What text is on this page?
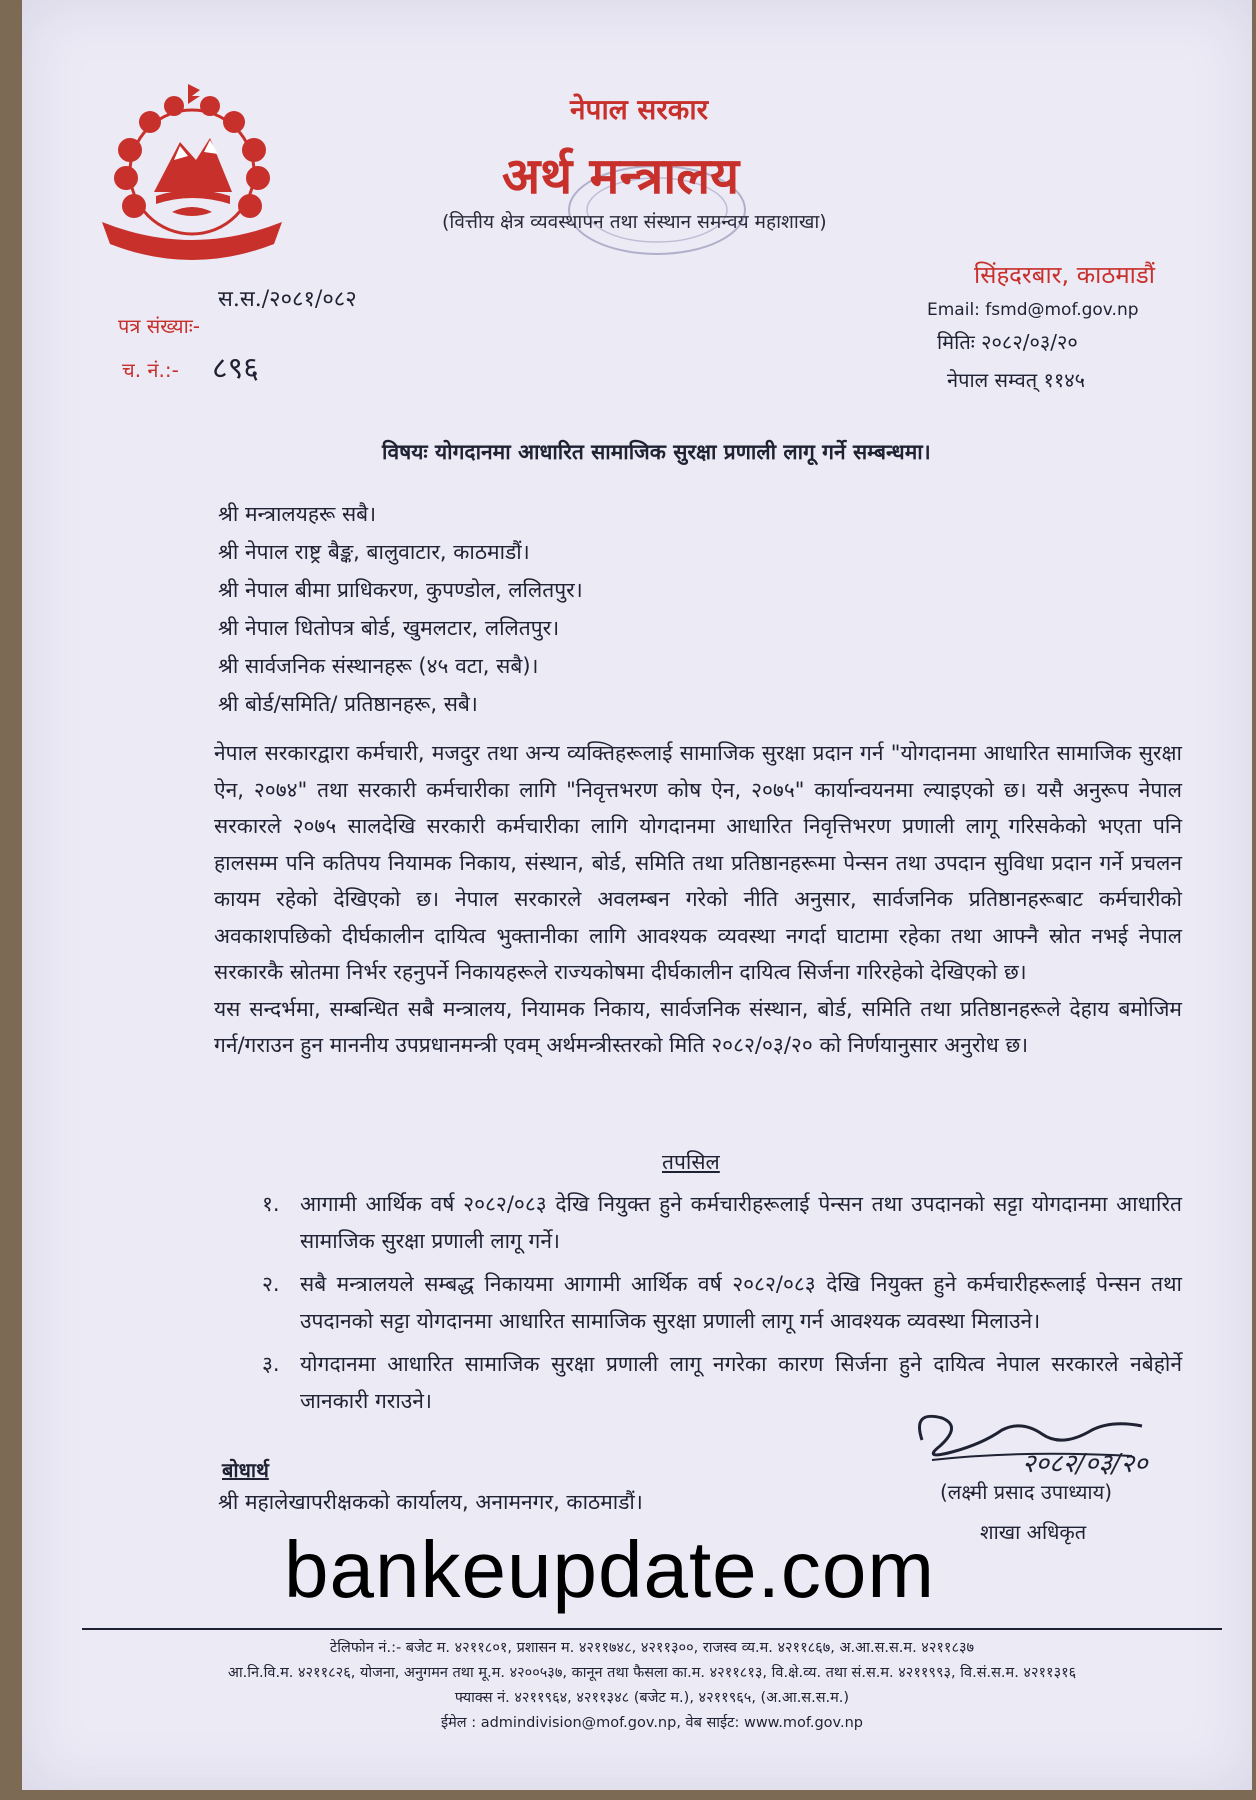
नेपाल सरकार
अर्थ मन्त्रालय
(वित्तीय क्षेत्र व्यवस्थापन तथा संस्थान समन्वय महाशाखा)
सिंहदरबार, काठमाडौं
स.स./२०८१/०८२
पत्र संख्याः-
च. नं.:- ८९६
Email: fsmd@mof.gov.np
मितिः २०८२/०३/२०
नेपाल सम्वत् ११४५
विषयः योगदानमा आधारित सामाजिक सुरक्षा प्रणाली लागू गर्ने सम्बन्धमा।
श्री मन्त्रालयहरू सबै।
श्री नेपाल राष्ट्र बैङ्क, बालुवाटार, काठमाडौं।
श्री नेपाल बीमा प्राधिकरण, कुपण्डोल, ललितपुर।
श्री नेपाल धितोपत्र बोर्ड, खुमलटार, ललितपुर।
श्री सार्वजनिक संस्थानहरू (४५ वटा, सबै)।
श्री बोर्ड/समिति/ प्रतिष्ठानहरू, सबै।

नेपाल सरकारद्वारा कर्मचारी, मजदुर तथा अन्य व्यक्तिहरूलाई सामाजिक सुरक्षा प्रदान गर्न "योगदानमा आधारित सामाजिक सुरक्षा ऐन, २०७४" तथा सरकारी कर्मचारीका लागि "निवृत्तभरण कोष ऐन, २०७५" कार्यान्वयनमा ल्याइएको छ। यसै अनुरूप नेपाल सरकारले २०७५ सालदेखि सरकारी कर्मचारीका लागि योगदानमा आधारित निवृत्तिभरण प्रणाली लागू गरिसकेको भएता पनि हालसम्म पनि कतिपय नियामक निकाय, संस्थान, बोर्ड, समिति तथा प्रतिष्ठानहरूमा पेन्सन तथा उपदान सुविधा प्रदान गर्ने प्रचलन कायम रहेको देखिएको छ। नेपाल सरकारले अवलम्बन गरेको नीति अनुसार, सार्वजनिक प्रतिष्ठानहरूबाट कर्मचारीको अवकाशपछिको दीर्घकालीन दायित्व भुक्तानीका लागि आवश्यक व्यवस्था नगर्दा घाटामा रहेका तथा आफ्नै स्रोत नभई नेपाल सरकारकै स्रोतमा निर्भर रहनुपर्ने निकायहरूले राज्यकोषमा दीर्घकालीन दायित्व सिर्जना गरिरहेको देखिएको छ।

यस सन्दर्भमा, सम्बन्धित सबै मन्त्रालय, नियामक निकाय, सार्वजनिक संस्थान, बोर्ड, समिति तथा प्रतिष्ठानहरूले देहाय बमोजिम गर्न/गराउन हुन माननीय उपप्रधानमन्त्री एवम् अर्थमन्त्रीस्तरको मिति २०८२/०३/२० को निर्णयानुसार अनुरोध छ।

तपसिल
१. आगामी आर्थिक वर्ष २०८२/०८३ देखि नियुक्त हुने कर्मचारीहरूलाई पेन्सन तथा उपदानको सट्टा योगदानमा आधारित सामाजिक सुरक्षा प्रणाली लागू गर्ने।
२. सबै मन्त्रालयले सम्बद्ध निकायमा आगामी आर्थिक वर्ष २०८२/०८३ देखि नियुक्त हुने कर्मचारीहरूलाई पेन्सन तथा उपदानको सट्टा योगदानमा आधारित सामाजिक सुरक्षा प्रणाली लागू गर्न आवश्यक व्यवस्था मिलाउने।
३. योगदानमा आधारित सामाजिक सुरक्षा प्रणाली लागू नगरेका कारण सिर्जना हुने दायित्व नेपाल सरकारले नबेहोर्ने जानकारी गराउने।
२०८२/०३/२०
बोधार्थ
श्री महालेखापरीक्षकको कार्यालय, अनामनगर, काठमाडौं।	(लक्ष्मी प्रसाद उपाध्याय)
शाखा अधिकृत
bankeupdate.com
टेलिफोन नं.:- बजेट म. ४२११८०१, प्रशासन म. ४२११७४८, ४२११३००, राजस्व व्य.म. ४२११८६७, अ.आ.स.स.म. ४२११८३७
आ.नि.वि.म. ४२११८२६, योजना, अनुगमन तथा मू.म. ४२००५३७, कानून तथा फैसला का.म. ४२११८१३, वि.क्षे.व्य. तथा सं.स.म. ४२११९९३, वि.सं.स.म. ४२११३१६
फ्याक्स नं. ४२११९६४, ४२११३४८ (बजेट म.), ४२११९६५, (अ.आ.स.स.म.)
ईमेल : admindivision@mof.gov.np, वेब साईट: www.mof.gov.np
